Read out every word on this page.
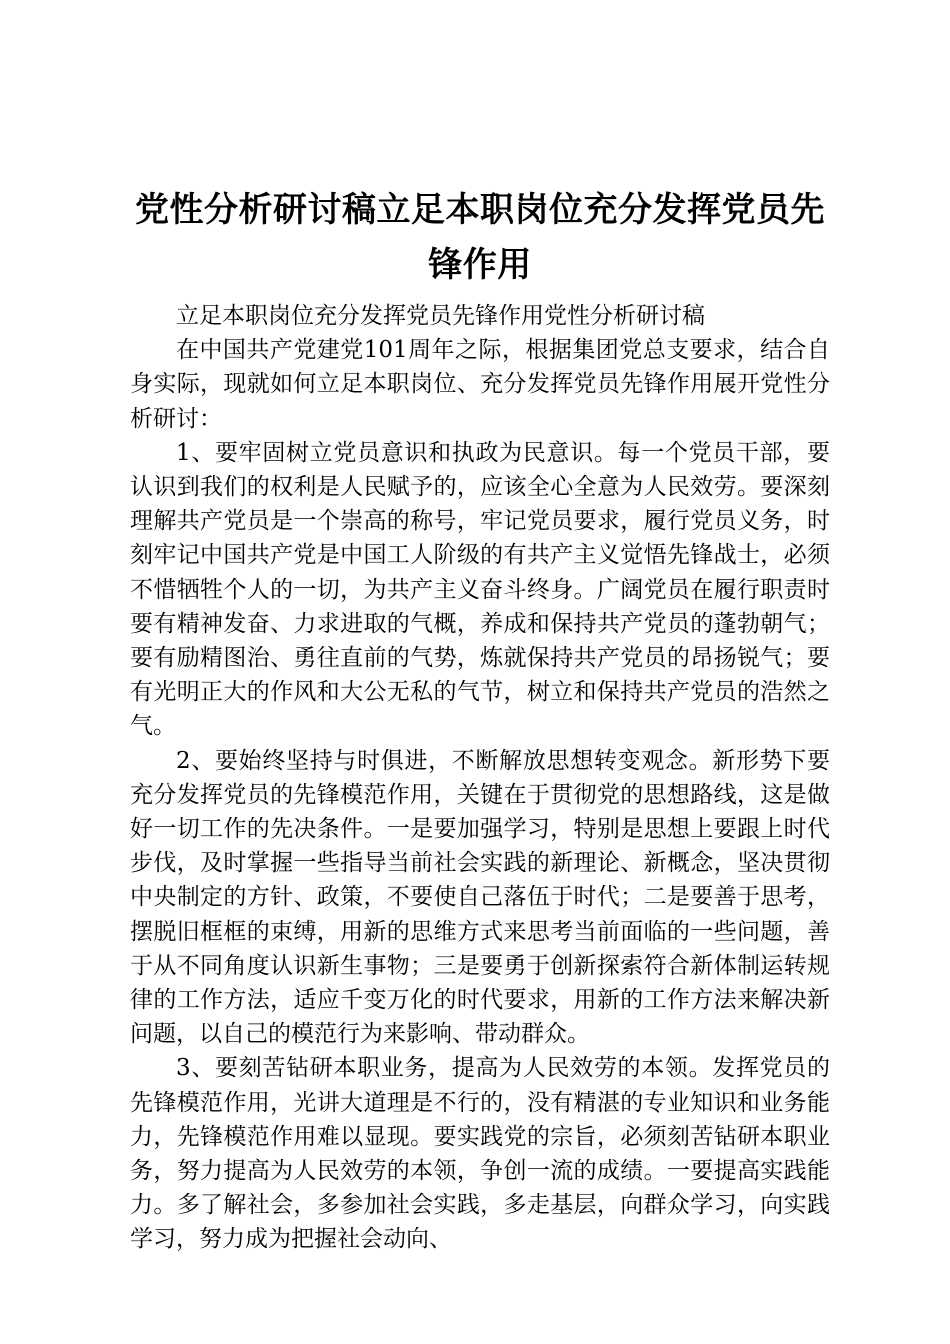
党性分析研讨稿立足本职岗位充分发挥党员先
锋作用

立足本职岗位充分发挥党员先锋作用党性分析研讨稿

在中国共产党建党101周年之际，根据集团党总支要求，结合自身实际，现就如何立足本职岗位、充分发挥党员先锋作用展开党性分析研讨：

1、要牢固树立党员意识和执政为民意识。每一个党员干部，要认识到我们的权利是人民赋予的，应该全心全意为人民效劳。要深刻理解共产党员是一个崇高的称号，牢记党员要求，履行党员义务，时刻牢记中国共产党是中国工人阶级的有共产主义觉悟先锋战士，必须不惜牺牲个人的一切，为共产主义奋斗终身。广阔党员在履行职责时要有精神发奋、力求进取的气概，养成和保持共产党员的蓬勃朝气；要有励精图治、勇往直前的气势，炼就保持共产党员的昂扬锐气；要有光明正大的作风和大公无私的气节，树立和保持共产党员的浩然之气。

2、要始终坚持与时俱进，不断解放思想转变观念。新形势下要充分发挥党员的先锋模范作用，关键在于贯彻党的思想路线，这是做好一切工作的先决条件。一是要加强学习，特别是思想上要跟上时代步伐，及时掌握一些指导当前社会实践的新理论、新概念，坚决贯彻中央制定的方针、政策，不要使自己落伍于时代；二是要善于思考，摆脱旧框框的束缚，用新的思维方式来思考当前面临的一些问题，善于从不同角度认识新生事物；三是要勇于创新探索符合新体制运转规律的工作方法，适应千变万化的时代要求，用新的工作方法来解决新问题，以自己的模范行为来影响、带动群众。

3、要刻苦钻研本职业务，提高为人民效劳的本领。发挥党员的先锋模范作用，光讲大道理是不行的，没有精湛的专业知识和业务能力，先锋模范作用难以显现。要实践党的宗旨，必须刻苦钻研本职业务，努力提高为人民效劳的本领，争创一流的成绩。一要提高实践能力。多了解社会，多参加社会实践，多走基层，向群众学习，向实践学习，努力成为把握社会动向、
